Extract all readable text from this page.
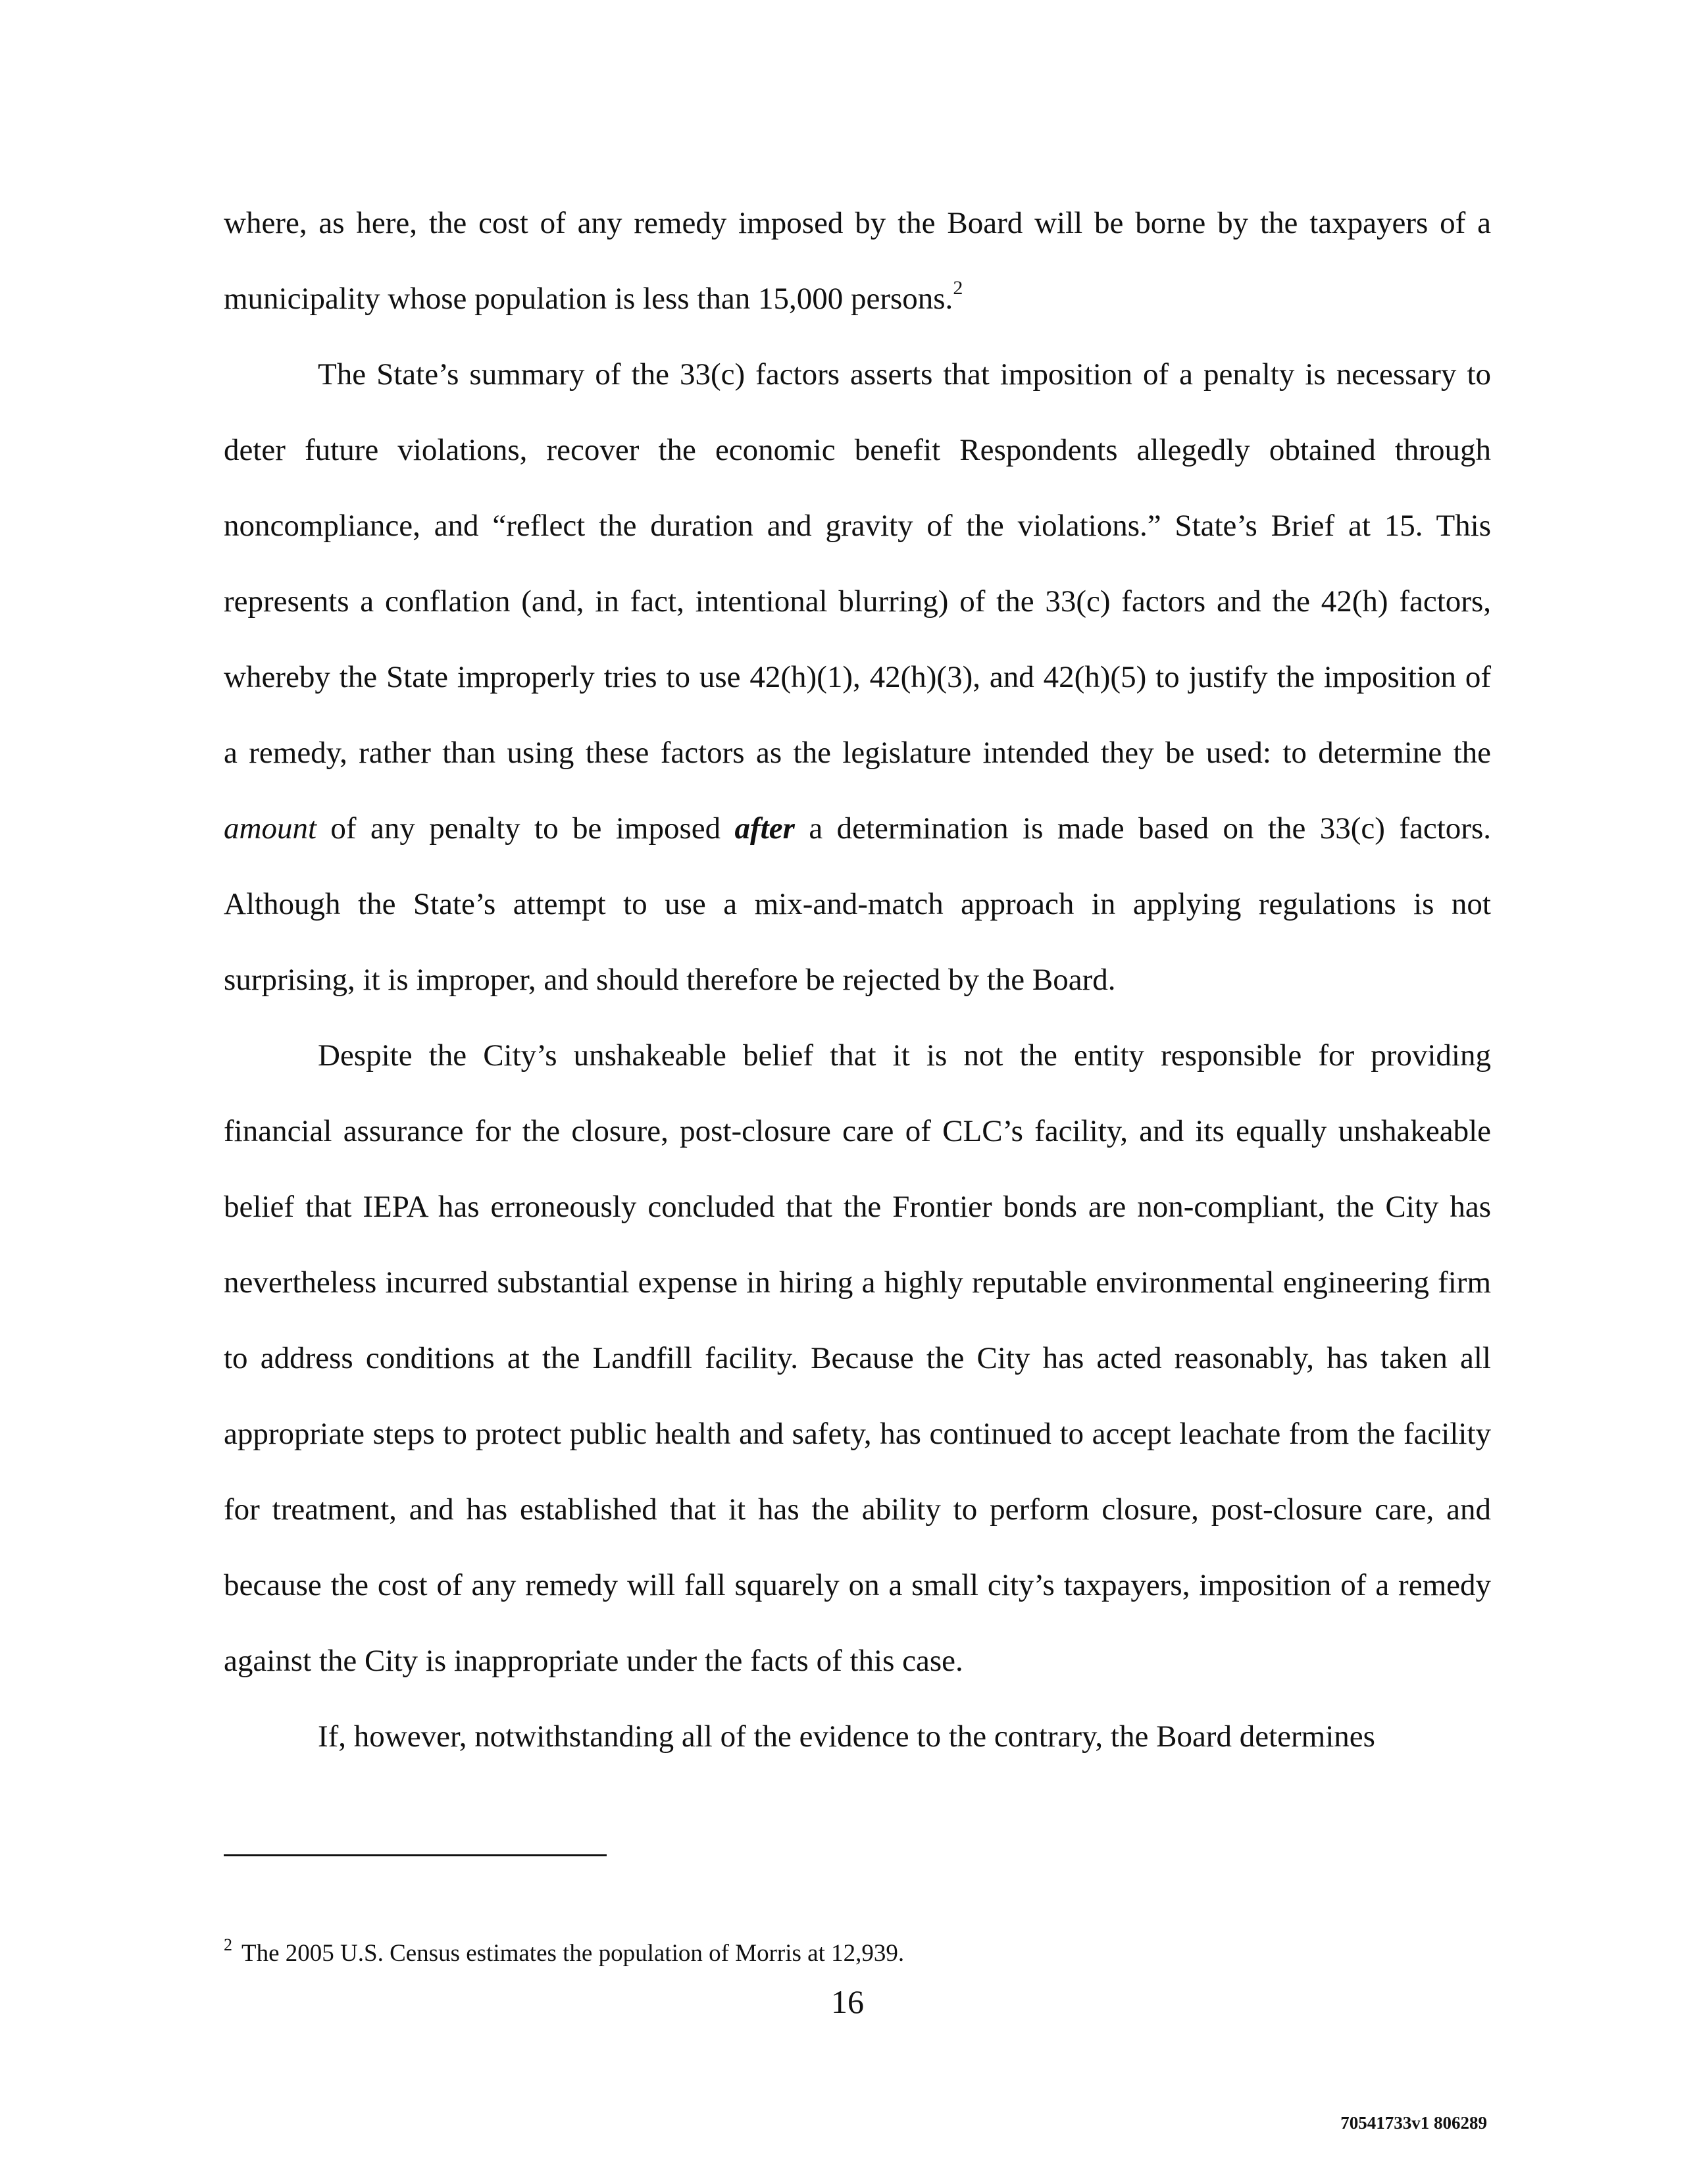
where, as here, the cost of any remedy imposed by the Board will be borne by the taxpayers of a municipality whose population is less than 15,000 persons.$^2$

The State’s summary of the 33(c) factors asserts that imposition of a penalty is necessary to deter future violations, recover the economic benefit Respondents allegedly obtained through noncompliance, and “reflect the duration and gravity of the violations.” State’s Brief at 15. This represents a conflation (and, in fact, intentional blurring) of the 33(c) factors and the 42(h) factors, whereby the State improperly tries to use 42(h)(1), 42(h)(3), and 42(h)(5) to justify the imposition of a remedy, rather than using these factors as the legislature intended they be used: to determine the amount of any penalty to be imposed after a determination is made based on the 33(c) factors. Although the State’s attempt to use a mix-and-match approach in applying regulations is not surprising, it is improper, and should therefore be rejected by the Board.

Despite the City’s unshakeable belief that it is not the entity responsible for providing financial assurance for the closure, post-closure care of CLC’s facility, and its equally unshakeable belief that IEPA has erroneously concluded that the Frontier bonds are non-compliant, the City has nevertheless incurred substantial expense in hiring a highly reputable environmental engineering firm to address conditions at the Landfill facility. Because the City has acted reasonably, has taken all appropriate steps to protect public health and safety, has continued to accept leachate from the facility for treatment, and has established that it has the ability to perform closure, post-closure care, and because the cost of any remedy will fall squarely on a small city’s taxpayers, imposition of a remedy against the City is inappropriate under the facts of this case.

If, however, notwithstanding all of the evidence to the contrary, the Board determines

$^2$ The 2005 U.S. Census estimates the population of Morris at 12,939.
16
70541733v1 806289
